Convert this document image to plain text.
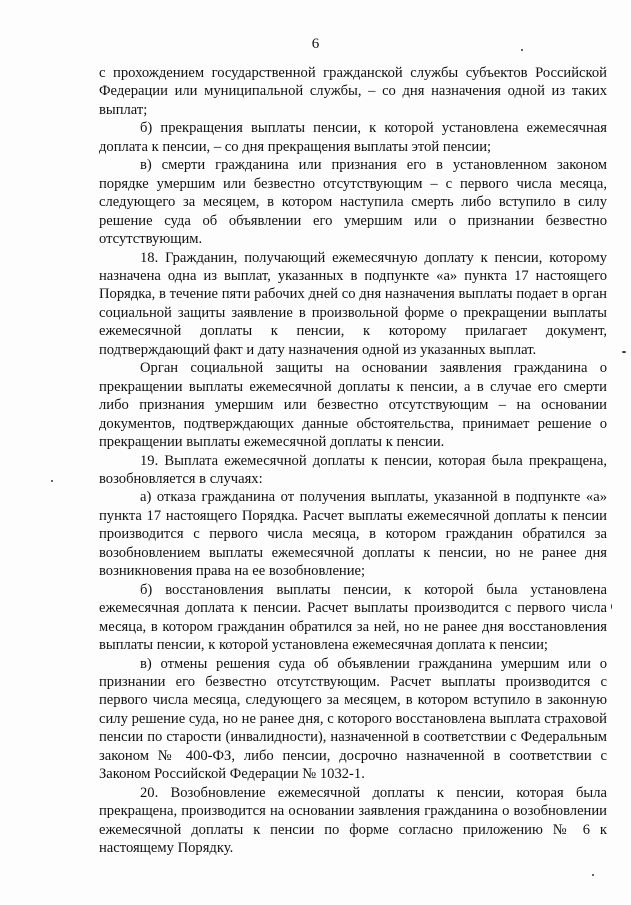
6

с прохождением государственной гражданской службы субъектов Российской Федерации или муниципальной службы, – со дня назначения одной из таких выплат;

б) прекращения выплаты пенсии, к которой установлена ежемесячная доплата к пенсии, – со дня прекращения выплаты этой пенсии;

в) смерти гражданина или признания его в установленном законом порядке умершим или безвестно отсутствующим – с первого числа месяца, следующего за месяцем, в котором наступила смерть либо вступило в силу решение суда об объявлении его умершим или о признании безвестно отсутствующим.

18. Гражданин, получающий ежемесячную доплату к пенсии, которому назначена одна из выплат, указанных в подпункте «а» пункта 17 настоящего Порядка, в течение пяти рабочих дней со дня назначения выплаты подает в орган социальной защиты заявление в произвольной форме о прекращении выплаты ежемесячной доплаты к пенсии, к которому прилагает документ, подтверждающий факт и дату назначения одной из указанных выплат.

Орган социальной защиты на основании заявления гражданина о прекращении выплаты ежемесячной доплаты к пенсии, а в случае его смерти либо признания умершим или безвестно отсутствующим – на основании документов, подтверждающих данные обстоятельства, принимает решение о прекращении выплаты ежемесячной доплаты к пенсии.

19. Выплата ежемесячной доплаты к пенсии, которая была прекращена, возобновляется в случаях:

а) отказа гражданина от получения выплаты, указанной в подпункте «а» пункта 17 настоящего Порядка. Расчет выплаты ежемесячной доплаты к пенсии производится с первого числа месяца, в котором гражданин обратился за возобновлением выплаты ежемесячной доплаты к пенсии, но не ранее дня возникновения права на ее возобновление;

б) восстановления выплаты пенсии, к которой была установлена ежемесячная доплата к пенсии. Расчет выплаты производится с первого числа месяца, в котором гражданин обратился за ней, но не ранее дня восстановления выплаты пенсии, к которой установлена ежемесячная доплата к пенсии;

в) отмены решения суда об объявлении гражданина умершим или о признании его безвестно отсутствующим. Расчет выплаты производится с первого числа месяца, следующего за месяцем, в котором вступило в законную силу решение суда, но не ранее дня, с которого восстановлена выплата страховой пенсии по старости (инвалидности), назначенной в соответствии с Федеральным законом № 400-ФЗ, либо пенсии, досрочно назначенной в соответствии с Законом Российской Федерации № 1032-1.

20. Возобновление ежемесячной доплаты к пенсии, которая была прекращена, производится на основании заявления гражданина о возобновлении ежемесячной доплаты к пенсии по форме согласно приложению № 6 к настоящему Порядку.
